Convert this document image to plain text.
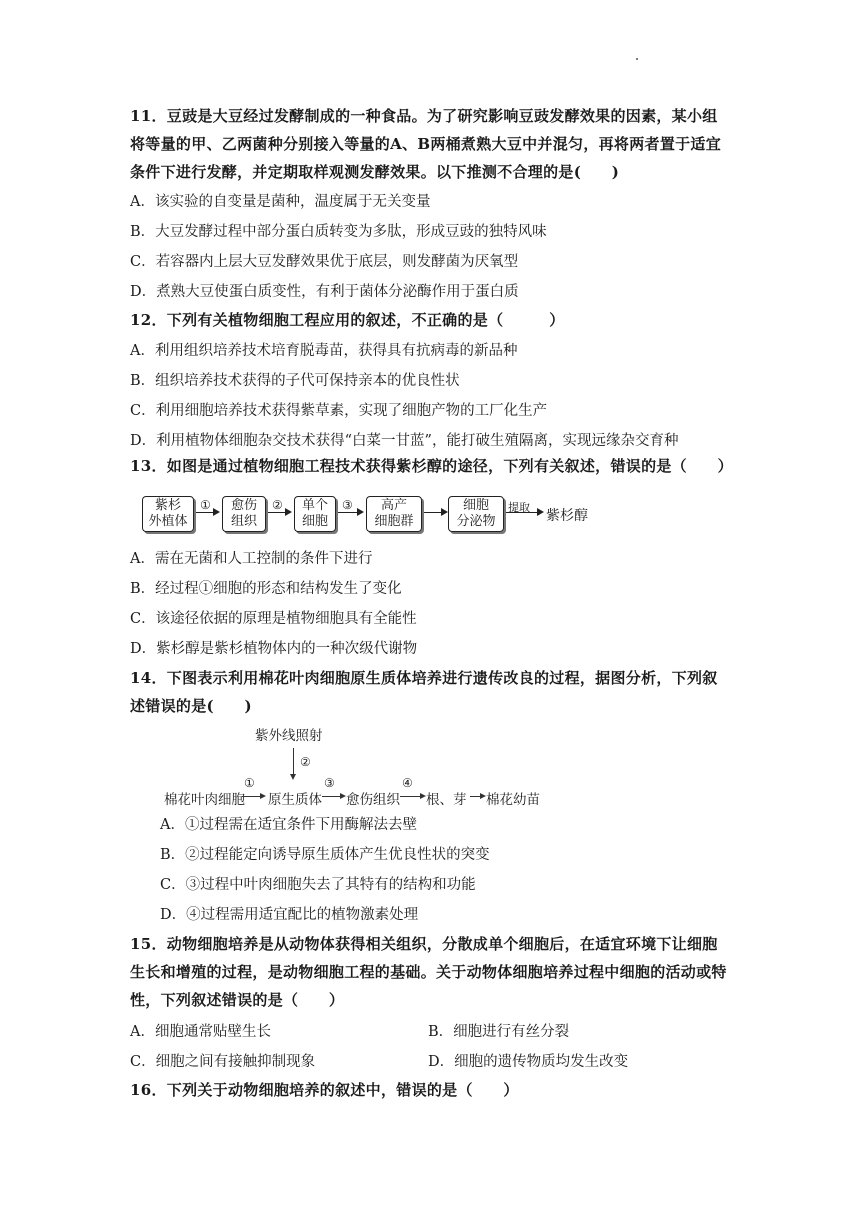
11．豆豉是大豆经过发酵制成的一种食品。为了研究影响豆豉发酵效果的因素，某小组将等量的甲、乙两菌种分别接入等量的A、B两桶煮熟大豆中并混匀，再将两者置于适宜条件下进行发酵，并定期取样观测发酵效果。以下推测不合理的是(　　)
A．该实验的自变量是菌种，温度属于无关变量
B．大豆发酵过程中部分蛋白质转变为多肽，形成豆豉的独特风味
C．若容器内上层大豆发酵效果优于底层，则发酵菌为厌氧型
D．煮熟大豆使蛋白质变性，有利于菌体分泌酶作用于蛋白质
12．下列有关植物细胞工程应用的叙述，不正确的是（　　　）
A．利用组织培养技术培育脱毒苗，获得具有抗病毒的新品种
B．组织培养技术获得的子代可保持亲本的优良性状
C．利用细胞培养技术获得紫草素，实现了细胞产物的工厂化生产
D．利用植物体细胞杂交技术获得“白菜一甘蓝”，能打破生殖隔离，实现远缘杂交育种
13．如图是通过植物细胞工程技术获得紫杉醇的途径，下列有关叙述，错误的是（　　）
紫杉
外植体
① 愈伤
组织
② 单个
细胞
③	高产
细胞群
细胞
分泌物
提取
紫杉醇
A．需在无菌和人工控制的条件下进行
B．经过程①细胞的形态和结构发生了变化
C．该途径依据的原理是植物细胞具有全能性
D．紫杉醇是紫杉植物体内的一种次级代谢物
14．下图表示利用棉花叶肉细胞原生质体培养进行遗传改良的过程，据图分析，下列叙述错误的是(　　)
紫外线照射
②
棉花叶肉细胞
①
原生质体
③
愈伤组织
④
根、芽 棉花幼苗
A．①过程需在适宜条件下用酶解法去壁
B．②过程能定向诱导原生质体产生优良性状的突变
C．③过程中叶肉细胞失去了其特有的结构和功能
D．④过程需用适宜配比的植物激素处理
15．动物细胞培养是从动物体获得相关组织，分散成单个细胞后，在适宜环境下让细胞生长和增殖的过程，是动物细胞工程的基础。关于动物体细胞培养过程中细胞的活动或特性，下列叙述错误的是（　　）
A．细胞通常贴壁生长	B．细胞进行有丝分裂
C．细胞之间有接触抑制现象	D．细胞的遗传物质均发生改变
16．下列关于动物细胞培养的叙述中，错误的是（　　）
